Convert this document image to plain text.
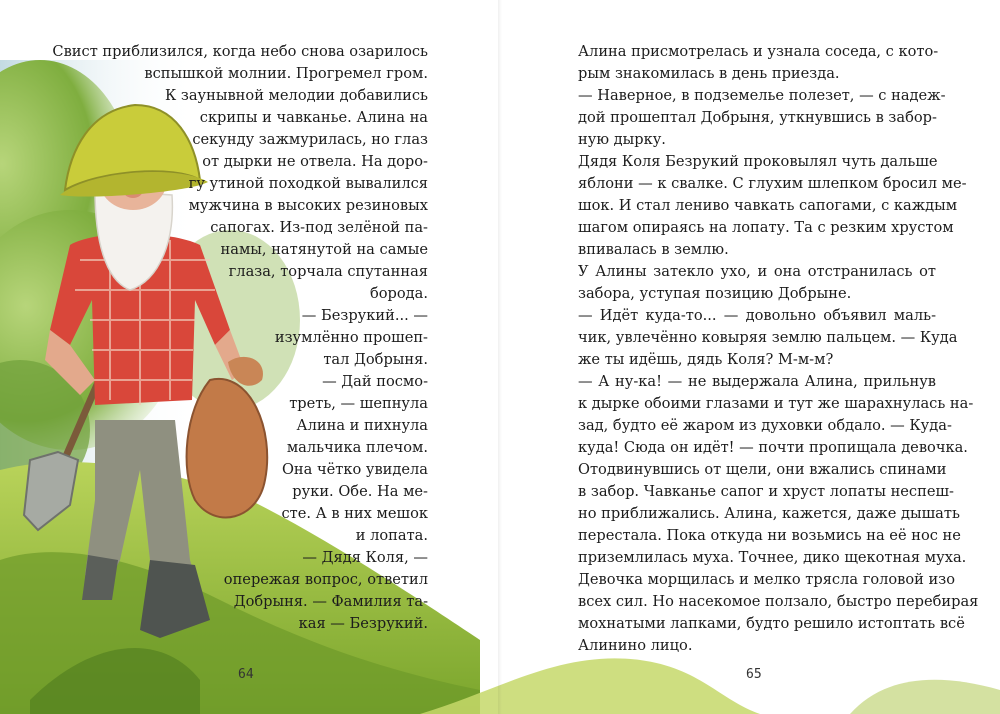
Свист приблизился, когда небо снова озарилось
вспышкой молнии. Прогремел гром.
К заунывной мелодии добавились
скрипы и чавканье. Алина на
секунду зажмурилась, но глаз
от дырки не отвела. На доро-
гу утиной походкой вывалился
мужчина в высоких резиновых
сапогах. Из-под зелёной па-
намы, натянутой на самые
глаза, торчала спутанная
борода.
— Безрукий... —
изумлённо прошеп-
тал Добрыня.
— Дай посмо-
треть, — шепнула
Алина и пихнула
мальчика плечом.
Она чётко увидела
руки. Обе. На ме-
сте. А в них мешок
и лопата.
— Дядя Коля, —
опережая вопрос, ответил
Добрыня. — Фамилия та-
кая — Безрукий.
64
Алина присмотрелась и узнала соседа, с кото-
рым знакомилась в день приезда.
— Наверное, в подземелье полезет, — с надеж-
дой прошептал Добрыня, уткнувшись в забор-
ную дырку.
Дядя Коля Безрукий проковылял чуть дальше
яблони — к свалке. С глухим шлепком бросил ме-
шок. И стал лениво чавкать сапогами, с каждым
шагом опираясь на лопату. Та с резким хрустом
впивалась в землю.
У Алины затекло ухо, и она отстранилась от
забора, уступая позицию Добрыне.
— Идёт куда-то... — довольно объявил маль-
чик, увлечённо ковыряя землю пальцем. — Куда
же ты идёшь, дядь Коля? М-м-м?
— А ну-ка! — не выдержала Алина, прильнув
к дырке обоими глазами и тут же шарахнулась на-
зад, будто её жаром из духовки обдало. — Куда-
куда! Сюда он идёт! — почти пропищала девочка.
Отодвинувшись от щели, они вжались спинами
в забор. Чавканье сапог и хруст лопаты неспеш-
но приближались. Алина, кажется, даже дышать
перестала. Пока откуда ни возьмись на её нос не
приземлилась муха. Точнее, дико щекотная муха.
Девочка морщилась и мелко трясла головой изо
всех сил. Но насекомое ползало, быстро перебирая
мохнатыми лапками, будто решило истоптать всё
Алинино лицо.
65
